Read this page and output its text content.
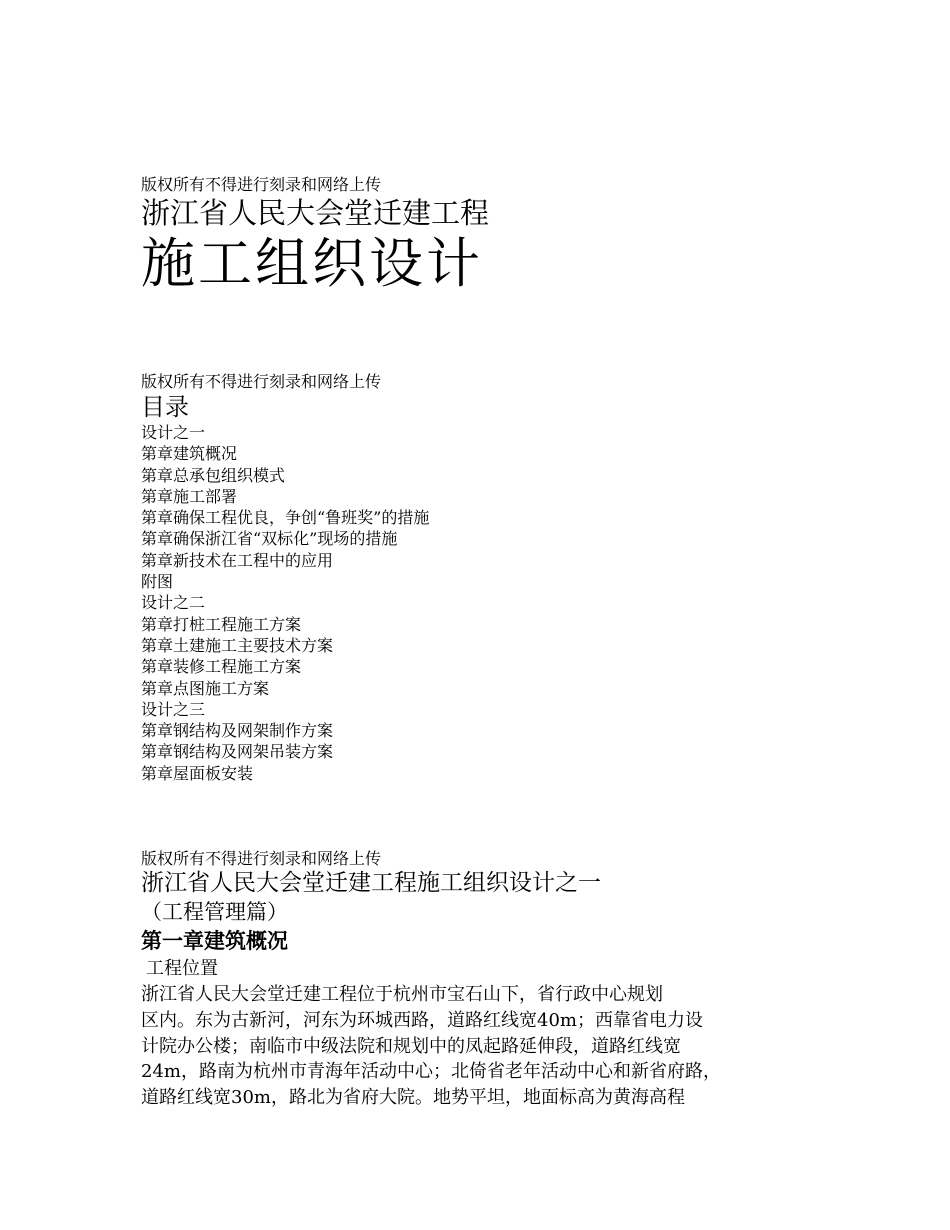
版权所有不得进行刻录和网络上传
浙江省人民大会堂迁建工程
施工组织设计
版权所有不得进行刻录和网络上传
目录
设计之一
第章建筑概况
第章总承包组织模式
第章施工部署
第章确保工程优良，争创“鲁班奖”的措施
第章确保浙江省“双标化”现场的措施
第章新技术在工程中的应用
附图
设计之二
第章打桩工程施工方案
第章土建施工主要技术方案
第章装修工程施工方案
第章点图施工方案
设计之三
第章钢结构及网架制作方案
第章钢结构及网架吊装方案
第章屋面板安装
版权所有不得进行刻录和网络上传
浙江省人民大会堂迁建工程施工组织设计之一
（工程管理篇）
第一章建筑概况
工程位置
浙江省人民大会堂迁建工程位于杭州市宝石山下，省行政中心规划
区内。东为古新河，河东为环城西路，道路红线宽40m；西靠省电力设
计院办公楼；南临市中级法院和规划中的凤起路延伸段，道路红线宽
24m，路南为杭州市青海年活动中心；北倚省老年活动中心和新省府路，
道路红线宽30m，路北为省府大院。地势平坦，地面标高为黄海高程
